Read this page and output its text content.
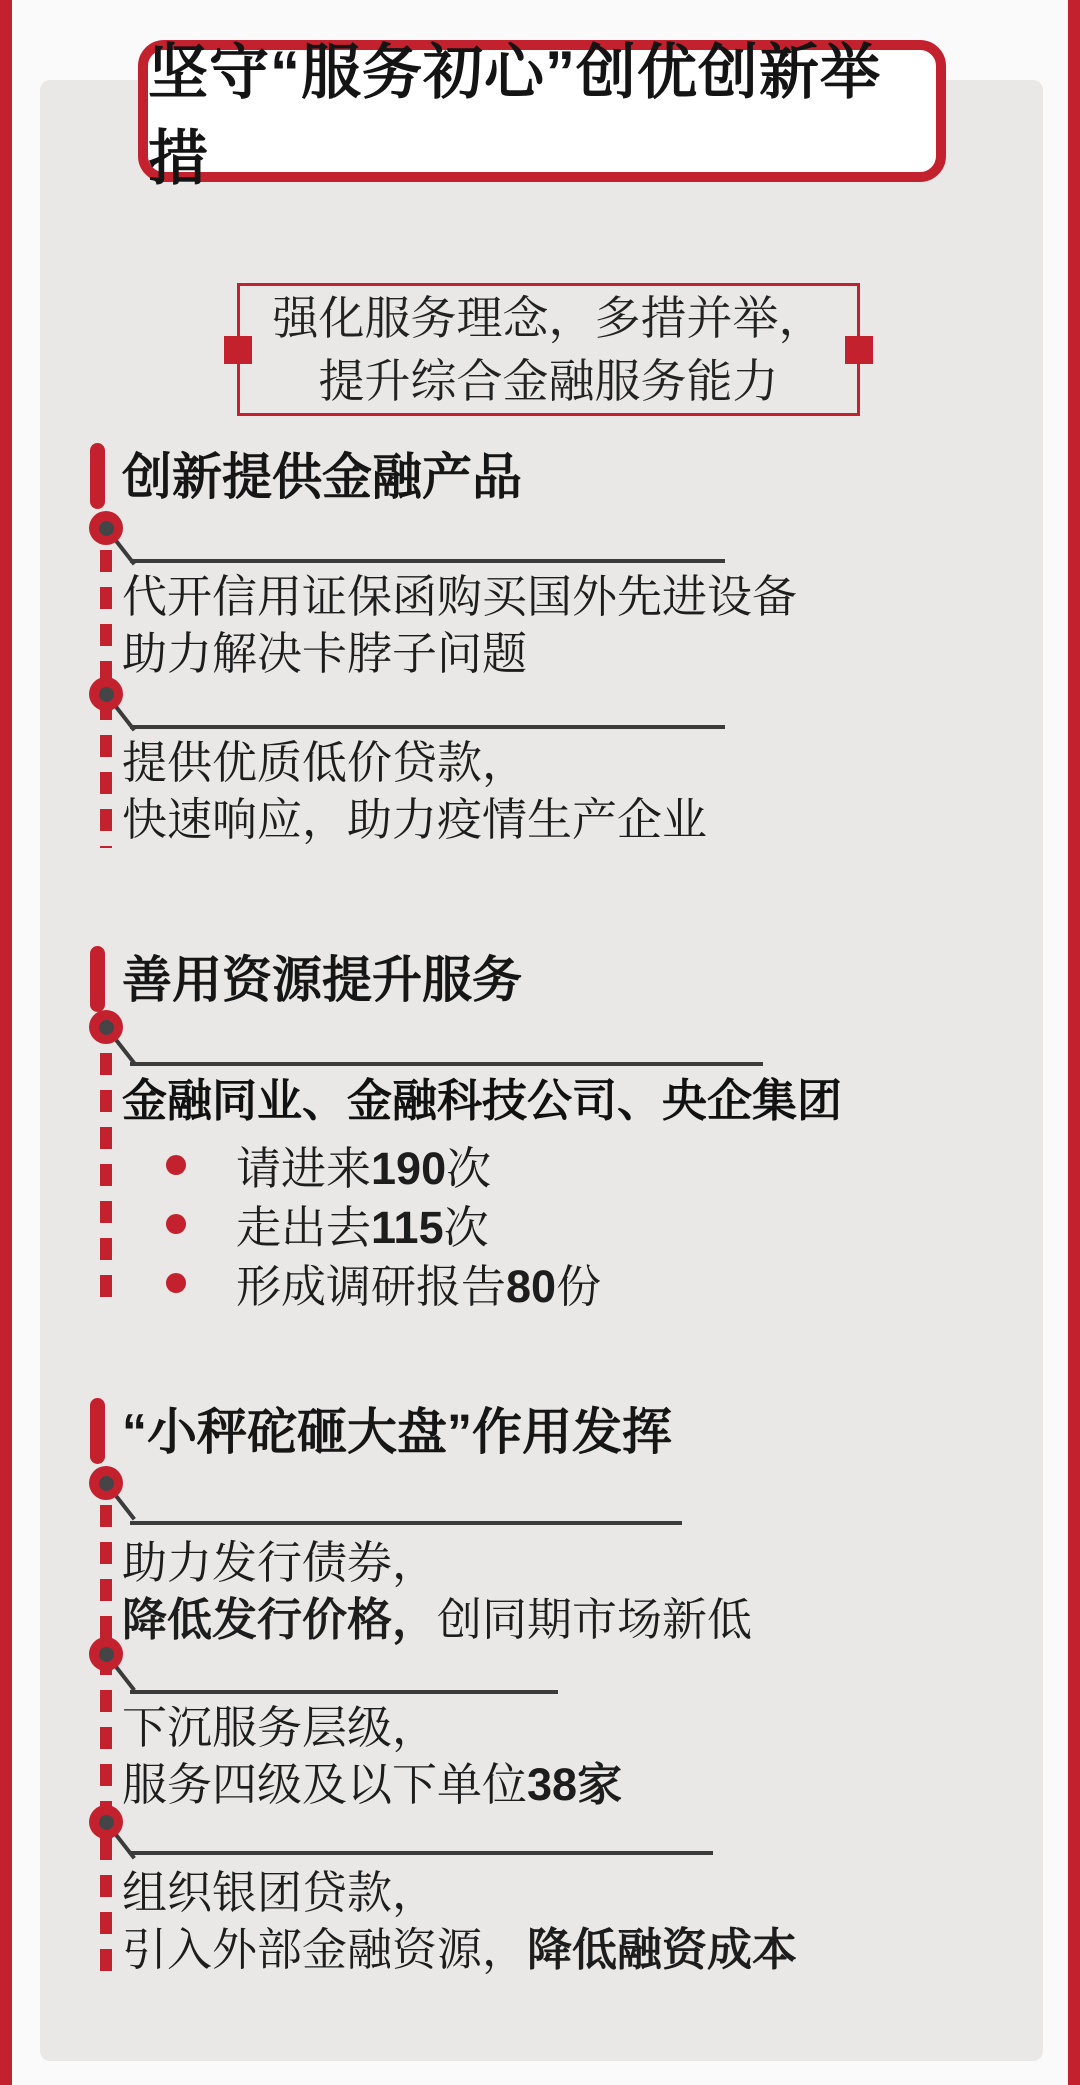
坚守“服务初心”创优创新举措
强化服务理念，多措并举，
提升综合金融服务能力
创新提供金融产品
代开信用证保函购买国外先进设备
助力解决卡脖子问题
提供优质低价贷款，
快速响应，助力疫情生产企业
善用资源提升服务
金融同业、金融科技公司、央企集团
请进来190次
走出去115次
形成调研报告80份
“小秤砣砸大盘”作用发挥
助力发行债券，
降低发行价格，创同期市场新低
下沉服务层级，
服务四级及以下单位38家
组织银团贷款，
引入外部金融资源，降低融资成本
